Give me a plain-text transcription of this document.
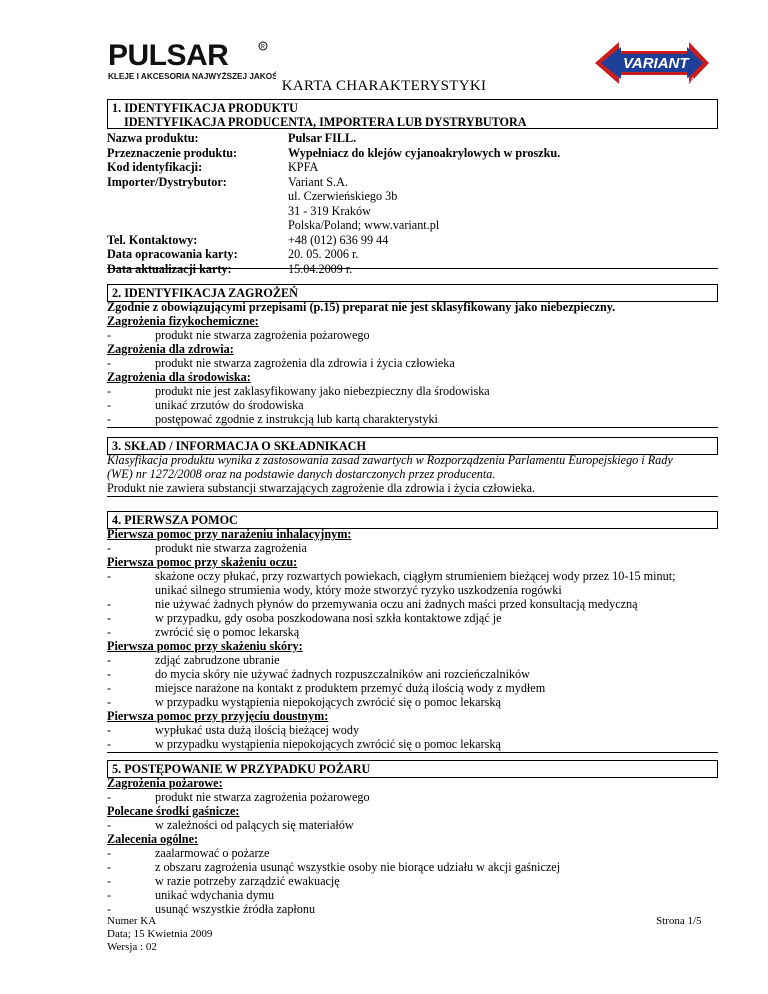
PULSAR	R
KLEJE I AKCESORIA NAJWYŻSZEJ JAKOŚCI
VARIANT
S.A.
KARTA CHARAKTERYSTYKI
1. IDENTYFIKACJA PRODUKTU
IDENTYFIKACJA PRODUCENTA, IMPORTERA LUB DYSTRYBUTORA
Nazwa produktu:	Pulsar FILL.
Przeznaczenie produktu:	Wypełniacz do klejów cyjanoakrylowych w proszku.
Kod identyfikacji:	KPFA
Importer/Dystrybutor:	Variant S.A.
ul. Czerwieńskiego 3b
31 - 319 Kraków
Polska/Poland; www.variant.pl
Tel. Kontaktowy:	+48 (012) 636 99 44
Data opracowania karty:	20. 05. 2006 r.
Data aktualizacji karty:	15.04.2009 r.
2. IDENTYFIKACJA ZAGROŻEŃ
Zgodnie z obowiązującymi przepisami (p.15) preparat nie jest sklasyfikowany jako niebezpieczny.
Zagrożenia fizykochemiczne:
-	produkt nie stwarza zagrożenia pożarowego
Zagrożenia dla zdrowia:
-	produkt nie stwarza zagrożenia dla zdrowia i życia człowieka
Zagrożenia dla środowiska:
-	produkt nie jest zaklasyfikowany jako niebezpieczny dla środowiska
-	unikać zrzutów do środowiska
-	postępować zgodnie z instrukcją lub kartą charakterystyki
3. SKŁAD / INFORMACJA O SKŁADNIKACH
Klasyfikacja produktu wynika z zastosowania zasad zawartych w Rozporządzeniu Parlamentu Europejskiego i Rady
(WE) nr 1272/2008 oraz na podstawie danych dostarczonych przez producenta.
Produkt nie zawiera substancji stwarzających zagrożenie dla zdrowia i życia człowieka.
4. PIERWSZA POMOC
Pierwsza pomoc przy narażeniu inhalacyjnym:
-	produkt nie stwarza zagrożenia
Pierwsza pomoc przy skażeniu oczu:
-	skażone oczy płukać, przy rozwartych powiekach, ciągłym strumieniem bieżącej wody przez 10-15 minut;
unikać silnego strumienia wody, który może stworzyć ryzyko uszkodzenia rogówki
-	nie używać żadnych płynów do przemywania oczu ani żadnych maści przed konsultacją medyczną
-	w przypadku, gdy osoba poszkodowana nosi szkła kontaktowe zdjąć je
-	zwrócić się o pomoc lekarską
Pierwsza pomoc przy skażeniu skóry:
-	zdjąć zabrudzone ubranie
-	do mycia skóry nie używać żadnych rozpuszczalników ani rozcieńczalników
-	miejsce narażone na kontakt z produktem przemyć dużą ilością wody z mydłem
-	w przypadku wystąpienia niepokojących zwrócić się o pomoc lekarską
Pierwsza pomoc przy przyjęciu doustnym:
-	wypłukać usta dużą ilością bieżącej wody
-	w przypadku wystąpienia niepokojących zwrócić się o pomoc lekarską
5. POSTĘPOWANIE W PRZYPADKU POŻARU
Zagrożenia pożarowe:
-	produkt nie stwarza zagrożenia pożarowego
Polecane środki gaśnicze:
-	w zależności od palących się materiałów
Zalecenia ogólne:
-	zaalarmować o pożarze
-	z obszaru zagrożenia usunąć wszystkie osoby nie biorące udziału w akcji gaśniczej
-	w razie potrzeby zarządzić ewakuację
-	unikać wdychania dymu
-	usunąć wszystkie źródła zapłonu
Numer KA
Data; 15 Kwietnia 2009
Wersja : 02
Strona 1/5
